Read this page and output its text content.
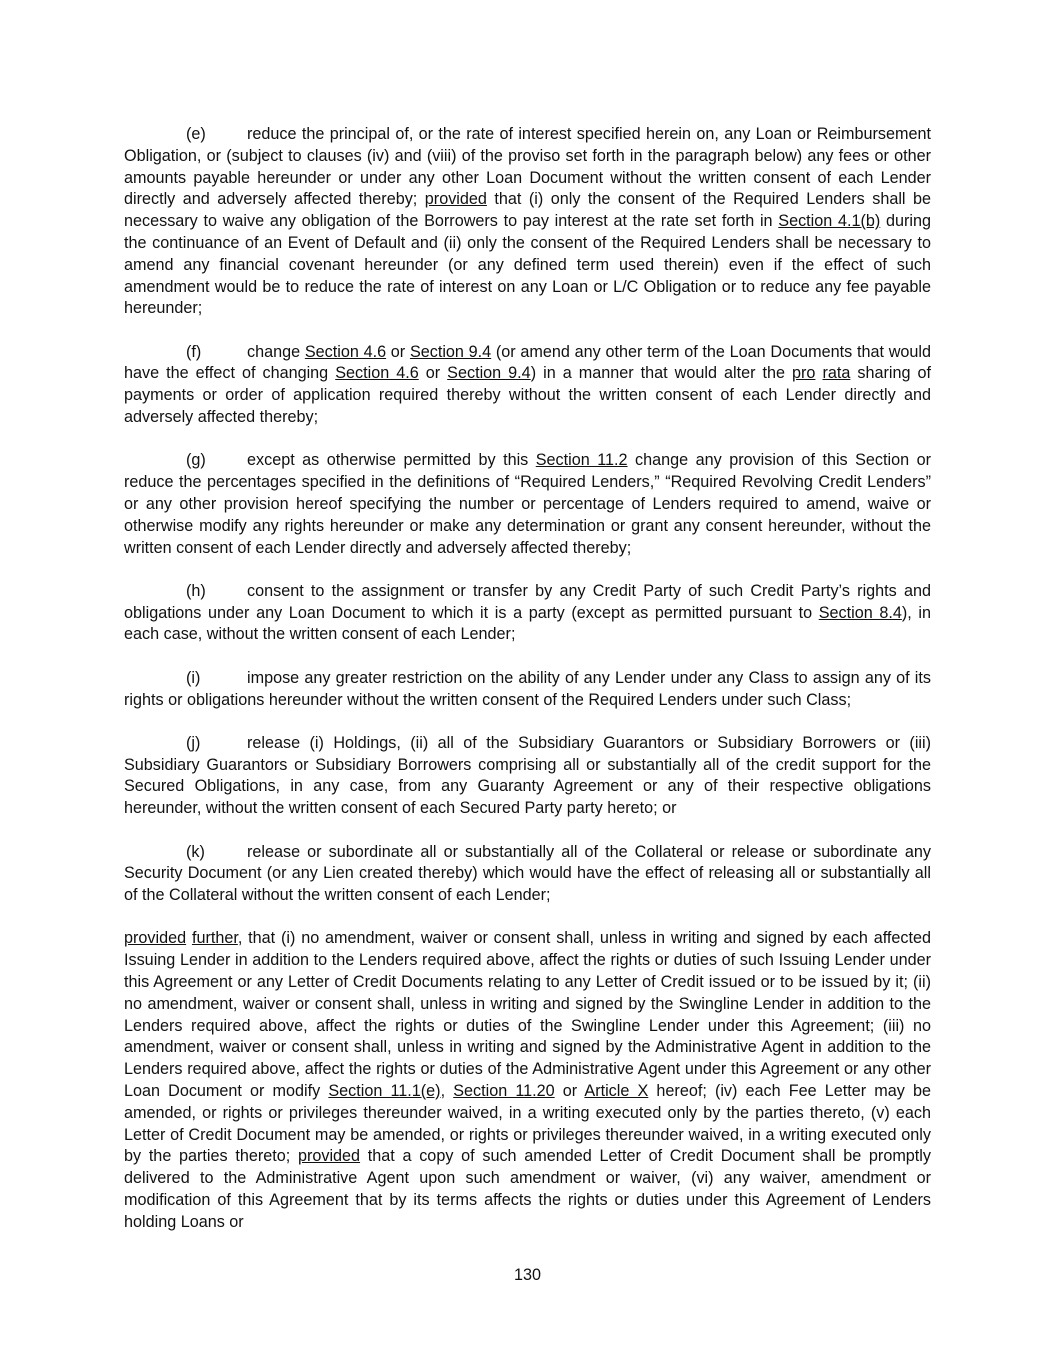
(e)	reduce the principal of, or the rate of interest specified herein on, any Loan or Reimbursement Obligation, or (subject to clauses (iv) and (viii) of the proviso set forth in the paragraph below) any fees or other amounts payable hereunder or under any other Loan Document without the written consent of each Lender directly and adversely affected thereby; provided that (i) only the consent of the Required Lenders shall be necessary to waive any obligation of the Borrowers to pay interest at the rate set forth in Section 4.1(b) during the continuance of an Event of Default and (ii) only the consent of the Required Lenders shall be necessary to amend any financial covenant hereunder (or any defined term used therein) even if the effect of such amendment would be to reduce the rate of interest on any Loan or L/C Obligation or to reduce any fee payable hereunder;

(f)	change Section 4.6 or Section 9.4 (or amend any other term of the Loan Documents that would have the effect of changing Section 4.6 or Section 9.4) in a manner that would alter the pro rata sharing of payments or order of application required thereby without the written consent of each Lender directly and adversely affected thereby;

(g)	except as otherwise permitted by this Section 11.2 change any provision of this Section or reduce the percentages specified in the definitions of “Required Lenders,” “Required Revolving Credit Lenders” or any other provision hereof specifying the number or percentage of Lenders required to amend, waive or otherwise modify any rights hereunder or make any determination or grant any consent hereunder, without the written consent of each Lender directly and adversely affected thereby;

(h)	consent to the assignment or transfer by any Credit Party of such Credit Party’s rights and obligations under any Loan Document to which it is a party (except as permitted pursuant to Section 8.4), in each case, without the written consent of each Lender;

(i)	impose any greater restriction on the ability of any Lender under any Class to assign any of its rights or obligations hereunder without the written consent of the Required Lenders under such Class;

(j)	release (i) Holdings, (ii) all of the Subsidiary Guarantors or Subsidiary Borrowers or (iii) Subsidiary Guarantors or Subsidiary Borrowers comprising all or substantially all of the credit support for the Secured Obligations, in any case, from any Guaranty Agreement or any of their respective obligations hereunder, without the written consent of each Secured Party party hereto; or

(k)	release or subordinate all or substantially all of the Collateral or release or subordinate any Security Document (or any Lien created thereby) which would have the effect of releasing all or substantially all of the Collateral without the written consent of each Lender;

provided further, that (i) no amendment, waiver or consent shall, unless in writing and signed by each affected Issuing Lender in addition to the Lenders required above, affect the rights or duties of such Issuing Lender under this Agreement or any Letter of Credit Documents relating to any Letter of Credit issued or to be issued by it; (ii) no amendment, waiver or consent shall, unless in writing and signed by the Swingline Lender in addition to the Lenders required above, affect the rights or duties of the Swingline Lender under this Agreement; (iii) no amendment, waiver or consent shall, unless in writing and signed by the Administrative Agent in addition to the Lenders required above, affect the rights or duties of the Administrative Agent under this Agreement or any other Loan Document or modify Section 11.1(e), Section 11.20 or Article X hereof; (iv) each Fee Letter may be amended, or rights or privileges thereunder waived, in a writing executed only by the parties thereto, (v) each Letter of Credit Document may be amended, or rights or privileges thereunder waived, in a writing executed only by the parties thereto; provided that a copy of such amended Letter of Credit Document shall be promptly delivered to the Administrative Agent upon such amendment or waiver, (vi) any waiver, amendment or modification of this Agreement that by its terms affects the rights or duties under this Agreement of Lenders holding Loans or

130
